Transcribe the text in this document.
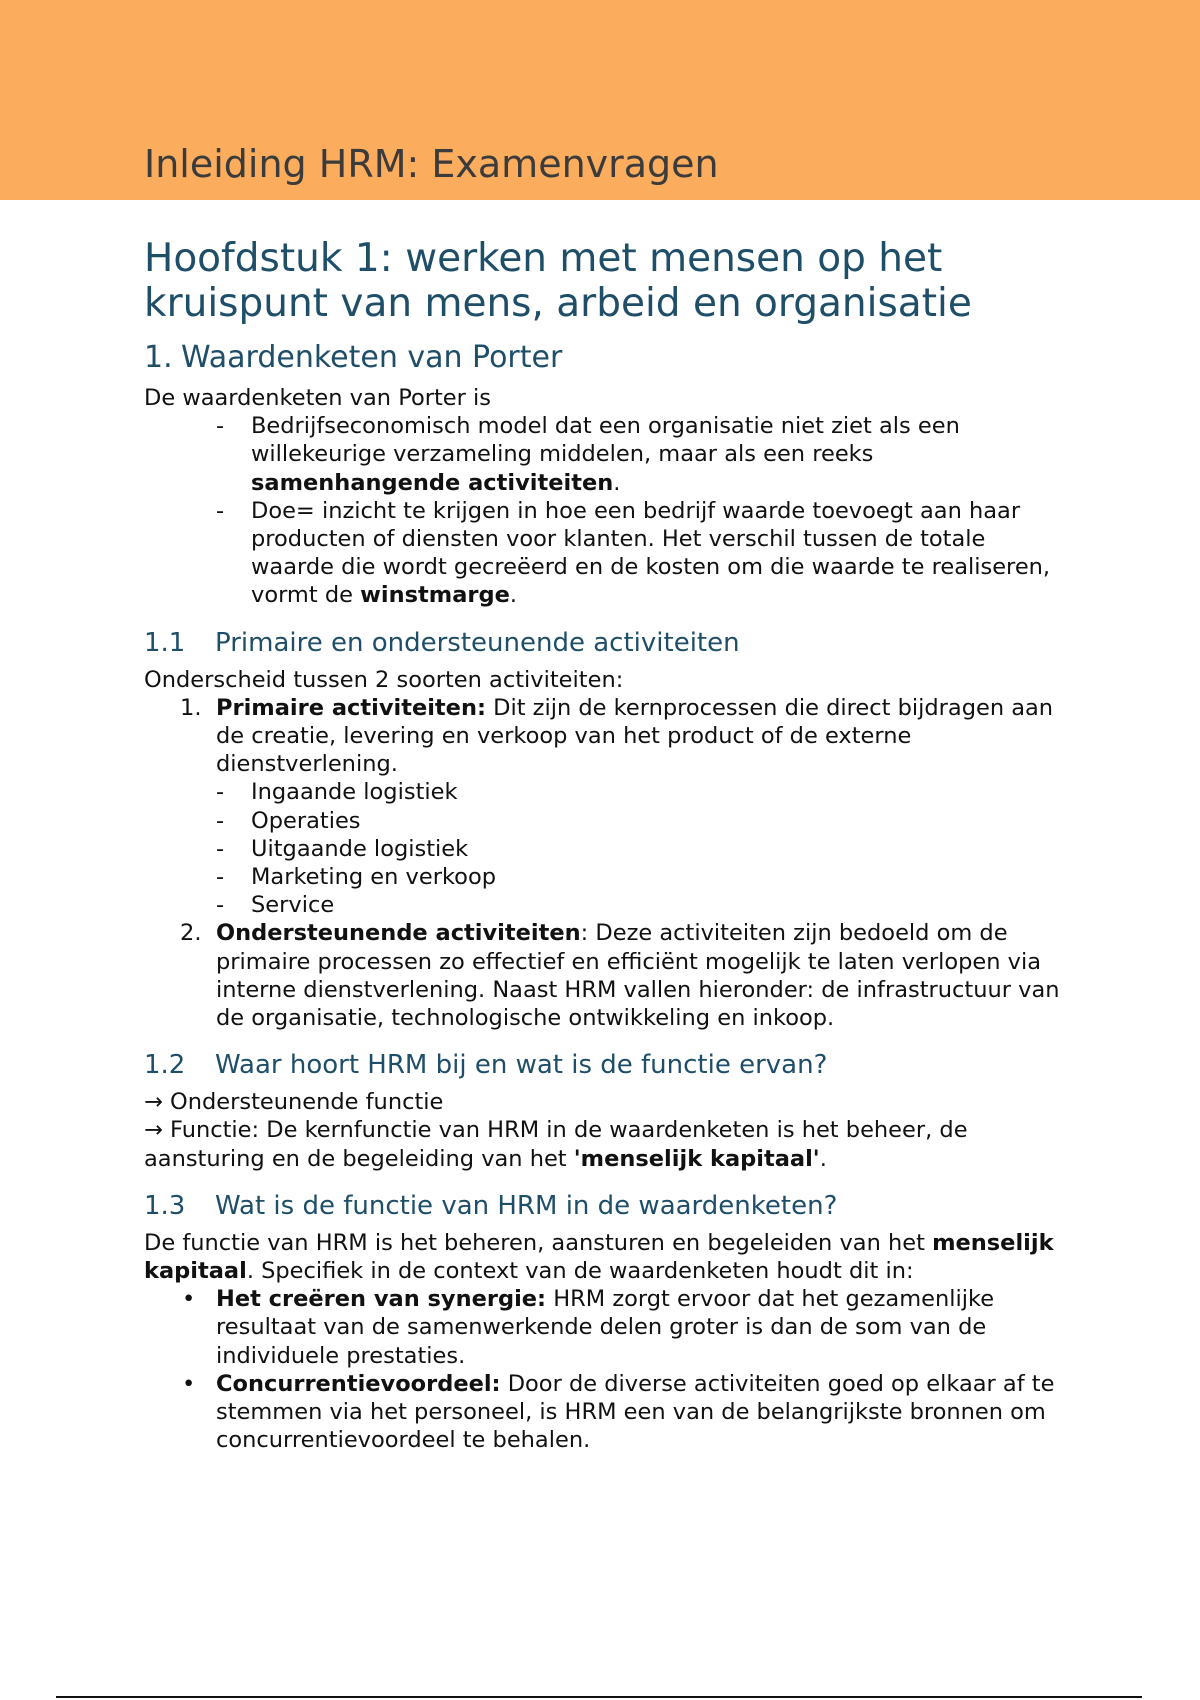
Inleiding HRM: Examenvragen
Hoofdstuk 1: werken met mensen op het kruispunt van mens, arbeid en organisatie
1. Waardenketen van Porter

De waardenketen van Porter is

- Bedrijfseconomisch model dat een organisatie niet ziet als een willekeurige verzameling middelen, maar als een reeks samenhangende activiteiten.
- Doe= inzicht te krijgen in hoe een bedrijf waarde toevoegt aan haar producten of diensten voor klanten. Het verschil tussen de totale waarde die wordt gecreëerd en de kosten om die waarde te realiseren, vormt de winstmarge.
1.1 Primaire en ondersteunende activiteiten

Onderscheid tussen 2 soorten activiteiten:

1. Primaire activiteiten: Dit zijn de kernprocessen die direct bijdragen aan de creatie, levering en verkoop van het product of de externe dienstverlening.
- Ingaande logistiek
- Operaties
- Uitgaande logistiek
- Marketing en verkoop
- Service
2. Ondersteunende activiteiten: Deze activiteiten zijn bedoeld om de primaire processen zo effectief en efficiënt mogelijk te laten verlopen via interne dienstverlening. Naast HRM vallen hieronder: de infrastructuur van de organisatie, technologische ontwikkeling en inkoop.
1.2 Waar hoort HRM bij en wat is de functie ervan?

→ Ondersteunende functie

→ Functie: De kernfunctie van HRM in de waardenketen is het beheer, de aansturing en de begeleiding van het 'menselijk kapitaal'.

1.3 Wat is de functie van HRM in de waardenketen?

De functie van HRM is het beheren, aansturen en begeleiden van het menselijk kapitaal. Specifiek in de context van de waardenketen houdt dit in:

• Het creëren van synergie: HRM zorgt ervoor dat het gezamenlijke resultaat van de samenwerkende delen groter is dan de som van de individuele prestaties.
• Concurrentievoordeel: Door de diverse activiteiten goed op elkaar af te stemmen via het personeel, is HRM een van de belangrijkste bronnen om concurrentievoordeel te behalen.
